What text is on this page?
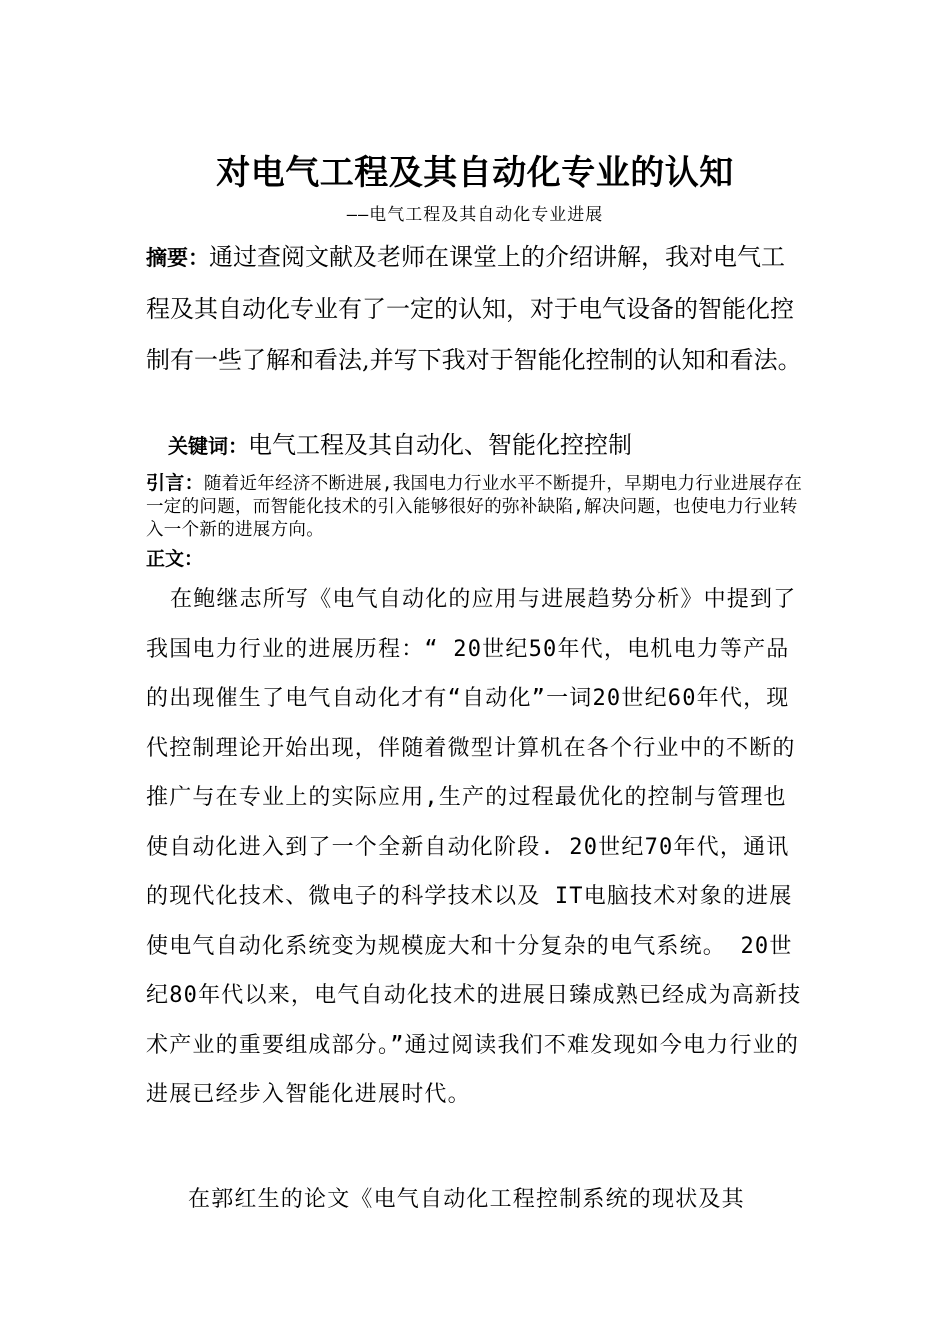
对电气工程及其自动化专业的认知
——电气工程及其自动化专业进展
摘要：通过查阅文献及老师在课堂上的介绍讲解，我对电气工程及其自动化专业有了一定的认知，对于电气设备的智能化控制有一些了解和看法,并写下我对于智能化控制的认知和看法。
关键词：电气工程及其自动化、智能化控控制
引言：随着近年经济不断进展,我国电力行业水平不断提升，早期电力行业进展存在一定的问题，而智能化技术的引入能够很好的弥补缺陷,解决问题，也使电力行业转入一个新的进展方向。
正文：
在鲍继志所写《电气自动化的应用与进展趋势分析》中提到了我国电力行业的进展历程：“ 20世纪50年代，电机电力等产品的出现催生了电气自动化才有“自动化”一词20世纪60年代，现代控制理论开始出现，伴随着微型计算机在各个行业中的不断的推广与在专业上的实际应用,生产的过程最优化的控制与管理也使自动化进入到了一个全新自动化阶段. 20世纪70年代，通讯的现代化技术、微电子的科学技术以及 IT电脑技术对象的进展使电气自动化系统变为规模庞大和十分复杂的电气系统。 20世纪80年代以来，电气自动化技术的进展日臻成熟已经成为高新技术产业的重要组成部分。”通过阅读我们不难发现如今电力行业的进展已经步入智能化进展时代。
在郭红生的论文《电气自动化工程控制系统的现状及其
